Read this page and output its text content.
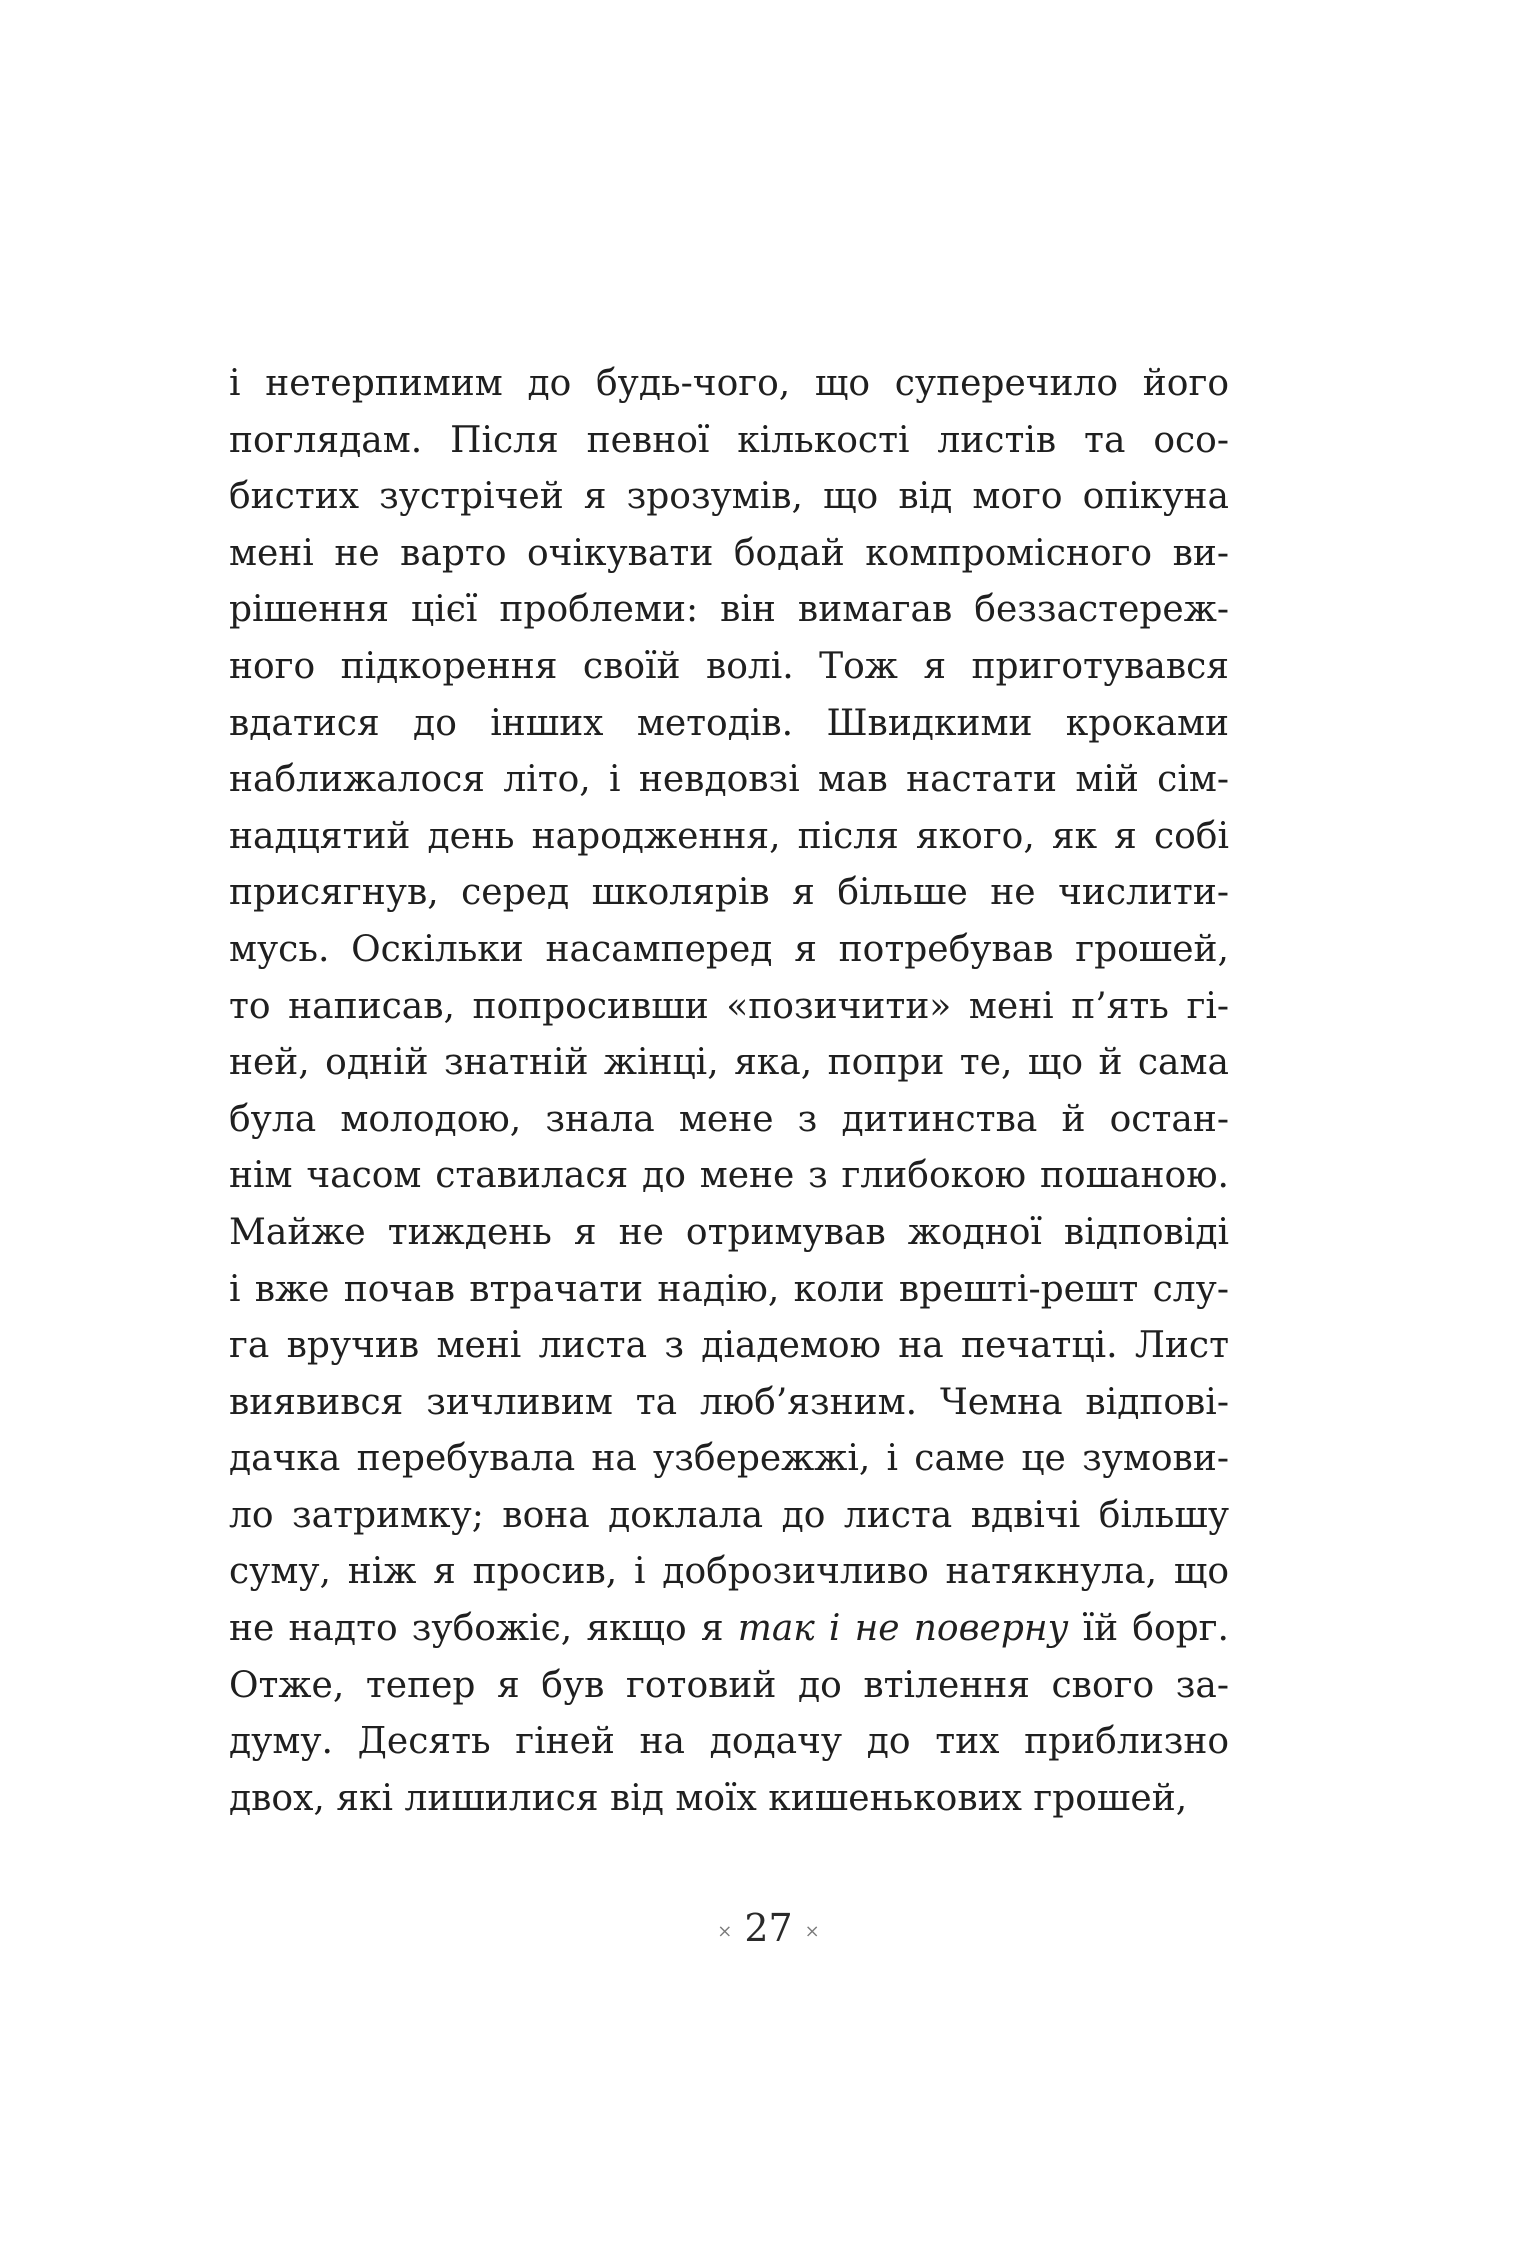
і нетерпимим до будь-чого, що суперечило його
поглядам. Після певної кількості листів та осо-
бистих зустрічей я зрозумів, що від мого опікуна
мені не варто очікувати бодай компромісного ви-
рішення цієї проблеми: він вимагав беззастереж-
ного підкорення своїй волі. Тож я приготувався
вдатися до інших методів. Швидкими кроками
наближалося літо, і невдовзі мав настати мій сім-
надцятий день народження, після якого, як я собі
присягнув, серед школярів я більше не числити-
мусь. Оскільки насамперед я потребував грошей,
то написав, попросивши «позичити» мені п’ять гі-
ней, одній знатній жінці, яка, попри те, що й сама
була молодою, знала мене з дитинства й остан-
нім часом ставилася до мене з глибокою пошаною.
Майже тиждень я не отримував жодної відповіді
і вже почав втрачати надію, коли врешті-решт слу-
га вручив мені листа з діадемою на печатці. Лист
виявився зичливим та люб’язним. Чемна відпові-
дачка перебувала на узбережжі, і саме це зумови-
ло затримку; вона доклала до листа вдвічі більшу
суму, ніж я просив, і доброзичливо натякнула, що
не надто зубожіє, якщо я так і не поверну їй борг.
Отже, тепер я був готовий до втілення свого за-
думу. Десять гіней на додачу до тих приблизно
двох, які лишилися від моїх кишенькових грошей,
× 27 ×
